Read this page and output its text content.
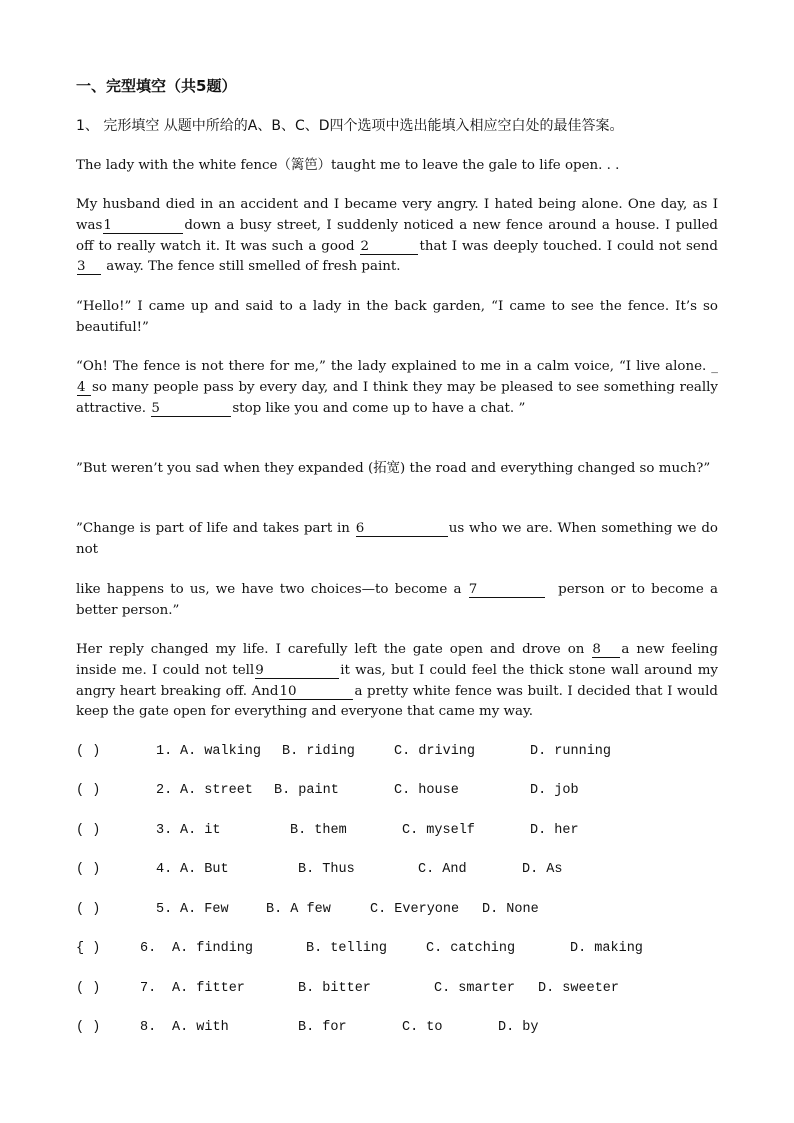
一、完型填空（共5题）
1、 完形填空 从题中所给的A、B、C、D四个选项中选出能填入相应空白处的最佳答案。
The lady with the white fence（篱笆）taught me to leave the gale to life open. . .
My husband died in an accident and I became very angry. I hated being alone. One day, as I was1	down a busy street, I suddenly noticed a new fence around a house. I pulled off to really watch it. It was such a good 2	that I was deeply touched. I could not send 3 away. The fence still smelled of fresh paint.
“Hello!” I came up and said to a lady in the back garden, “I came to see the fence. It’s so beautiful!”
“Oh! The fence is not there for me,” the lady explained to me in a calm voice, “I live alone. _ 4 so many people pass by every day, and I think they may be pleased to see something really attractive. 5	stop like you and come up to have a chat. ”
”But weren’t you sad when they expanded (拓宽) the road and everything changed so much?”
”Change is part of life and takes part in 6	us who we are. When something we do not
like happens to us, we have two choices—to become a 7	person or to become a better person.”
Her reply changed my life. I carefully left the gate open and drove on 8 a new feeling inside me. I could not tell9	it was, but I could feel the thick stone wall around my angry heart breaking off. And10	a pretty white fence was built. I decided that I would keep the gate open for everything and everyone that came my way.
( )	1. A. walking B. riding	C. driving	D. running
( )	2. A. street B. paint	C. house	D. job
( )	3. A. it	B. them	C. myself	D. her
( )	4. A. But	B. Thus	C. And	D. As
( )	5. A. Few	B. A few	C. Everyone D. None
{ )	6. A. finding	B. telling	C. catching	D. making
( )	7. A. fitter	B. bitter	C. smarter D. sweeter
( )	8. A. with	B. for	C. to	D. by
